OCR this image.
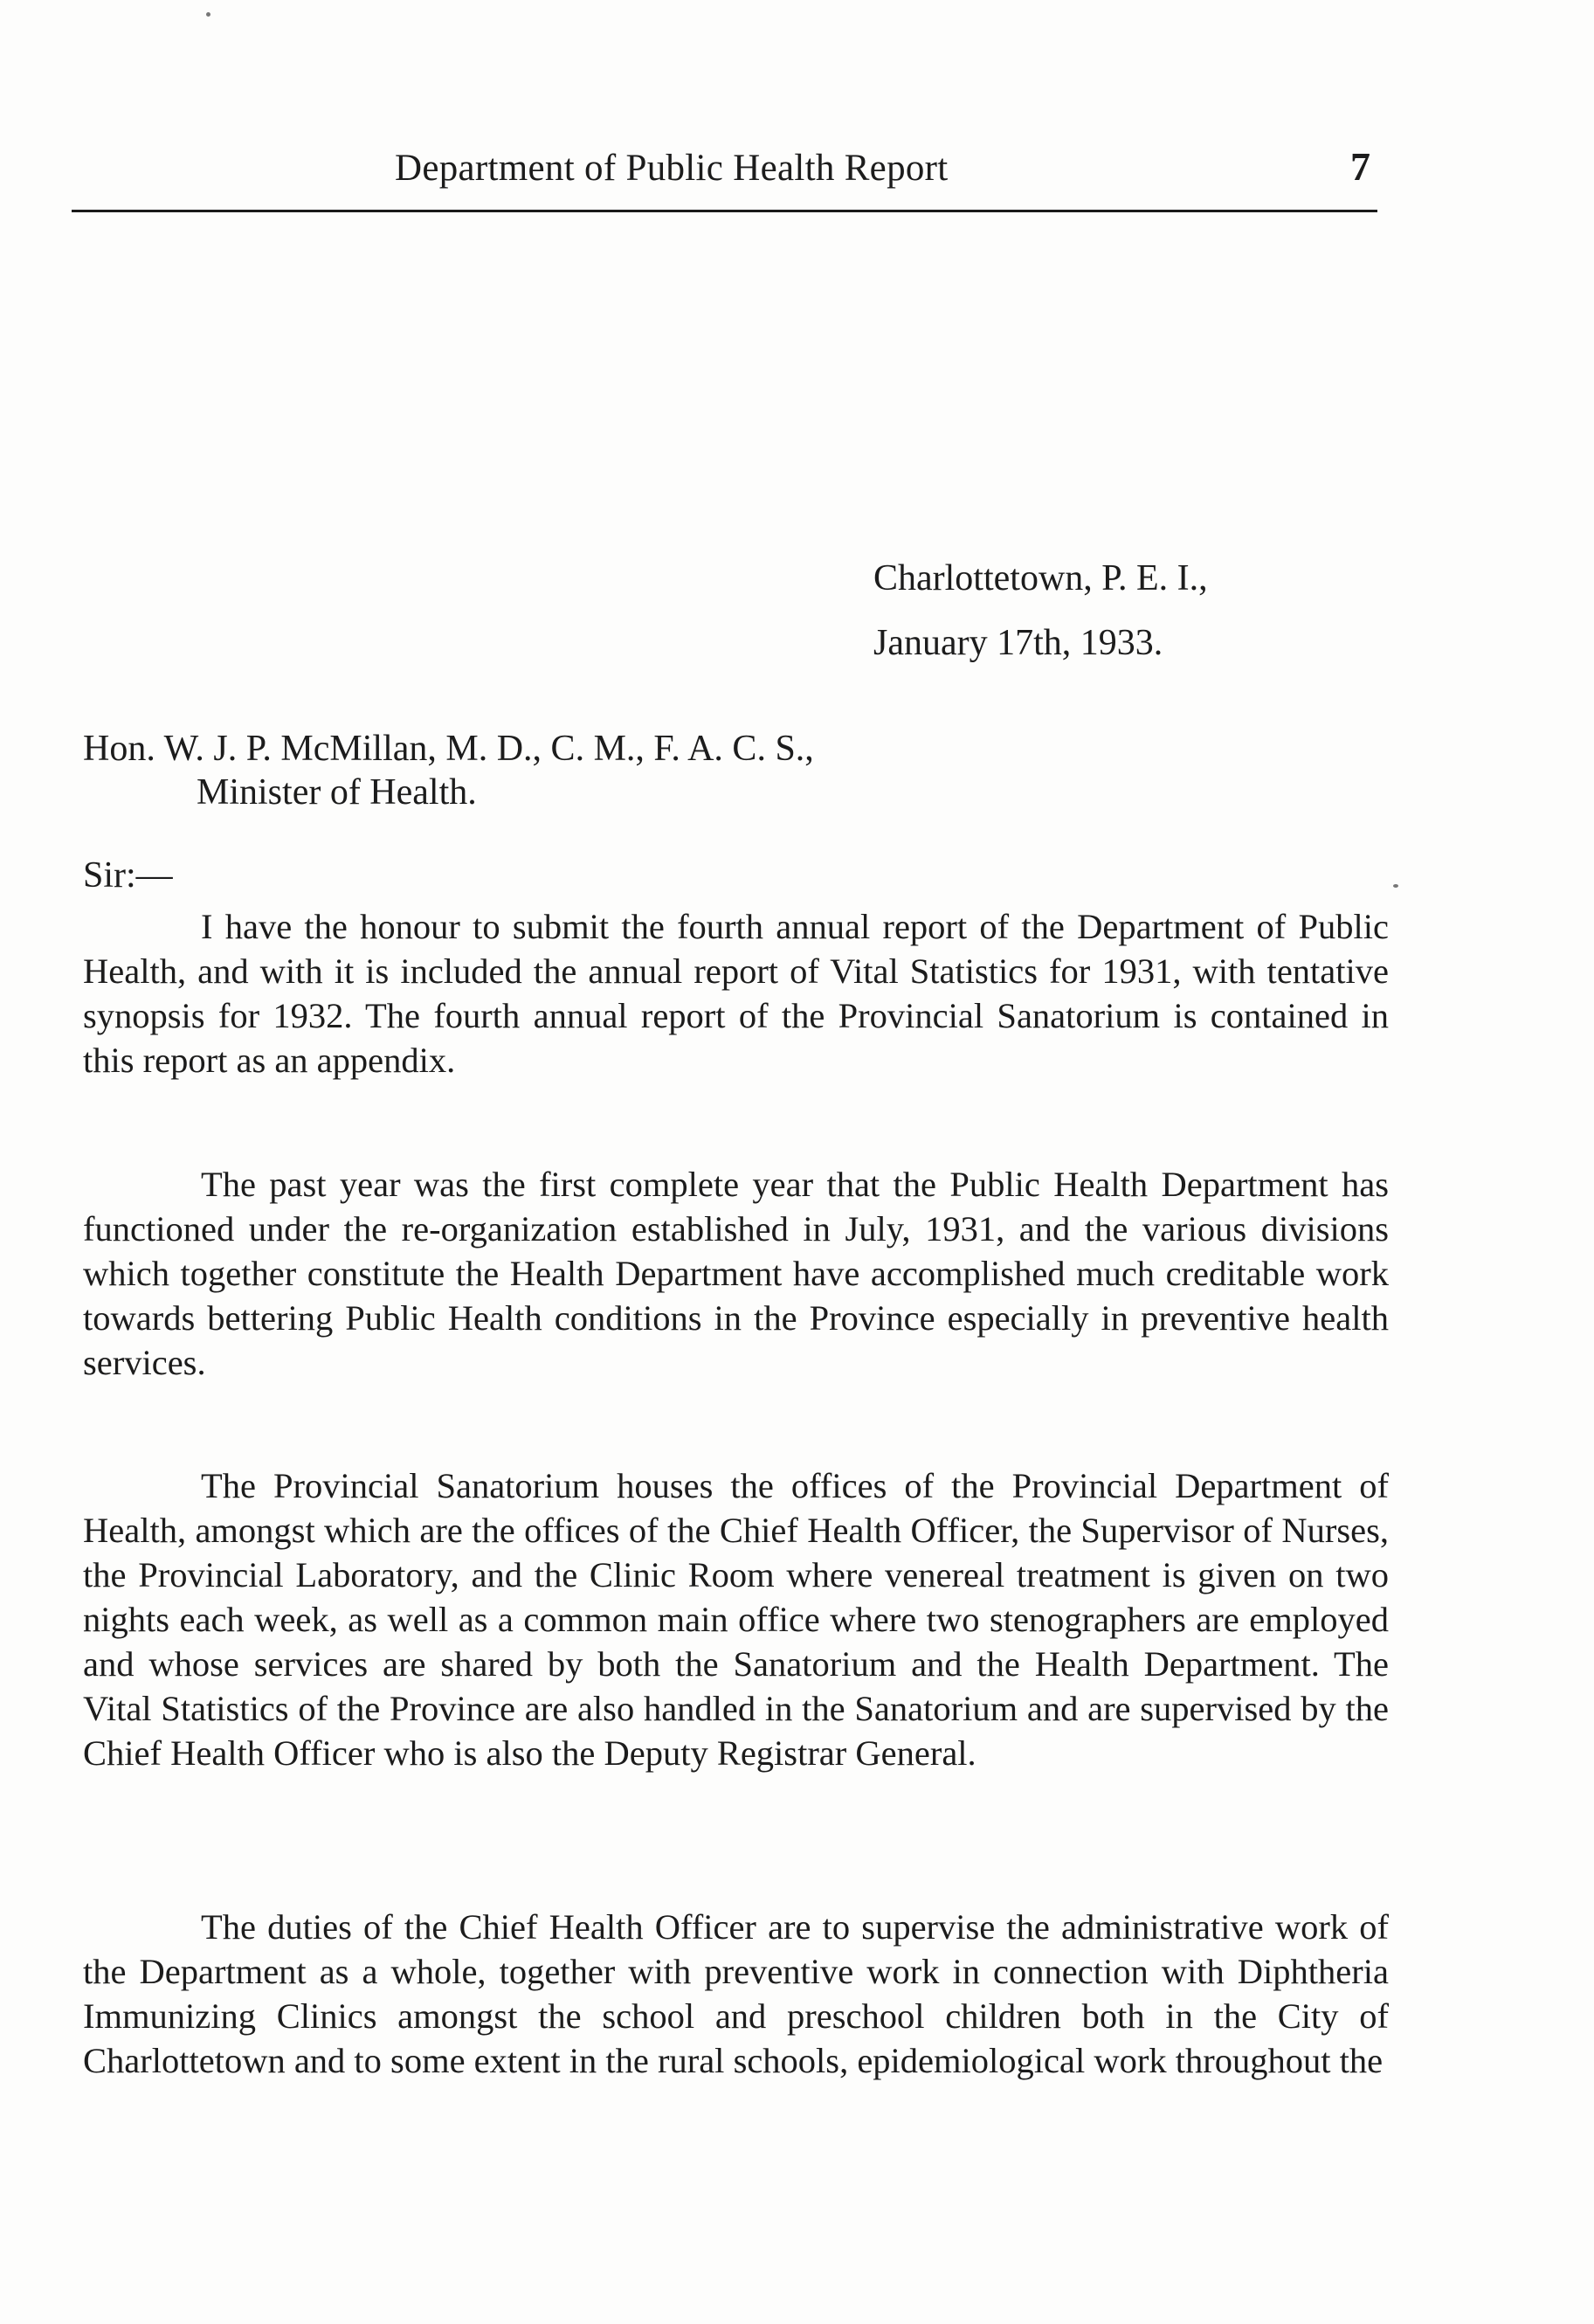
Department of Public Health Report	7
Charlottetown, P. E. I.,
January 17th, 1933.
Hon. W. J. P. McMillan, M. D., C. M., F. A. C. S.,
Minister of Health.
Sir:—

I have the honour to submit the fourth annual report of the Department of Public Health, and with it is included the annual report of Vital Statistics for 1931, with tentative synopsis for 1932. The fourth annual report of the Provincial Sanatorium is contained in this report as an appendix.

The past year was the first complete year that the Public Health Department has functioned under the re-organization established in July, 1931, and the various divisions which together constitute the Health Department have accomplished much creditable work towards bettering Public Health conditions in the Province especially in preventive health services.

The Provincial Sanatorium houses the offices of the Provincial Department of Health, amongst which are the offices of the Chief Health Officer, the Supervisor of Nurses, the Provincial Laboratory, and the Clinic Room where venereal treatment is given on two nights each week, as well as a common main office where two stenographers are employed and whose services are shared by both the Sanatorium and the Health Department. The Vital Statistics of the Province are also handled in the Sanatorium and are supervised by the Chief Health Officer who is also the Deputy Registrar General.

The duties of the Chief Health Officer are to supervise the administrative work of the Department as a whole, together with preventive work in connection with Diphtheria Immunizing Clinics amongst the school and preschool children both in the City of Charlottetown and to some extent in the rural schools, epidemiological work throughout the
